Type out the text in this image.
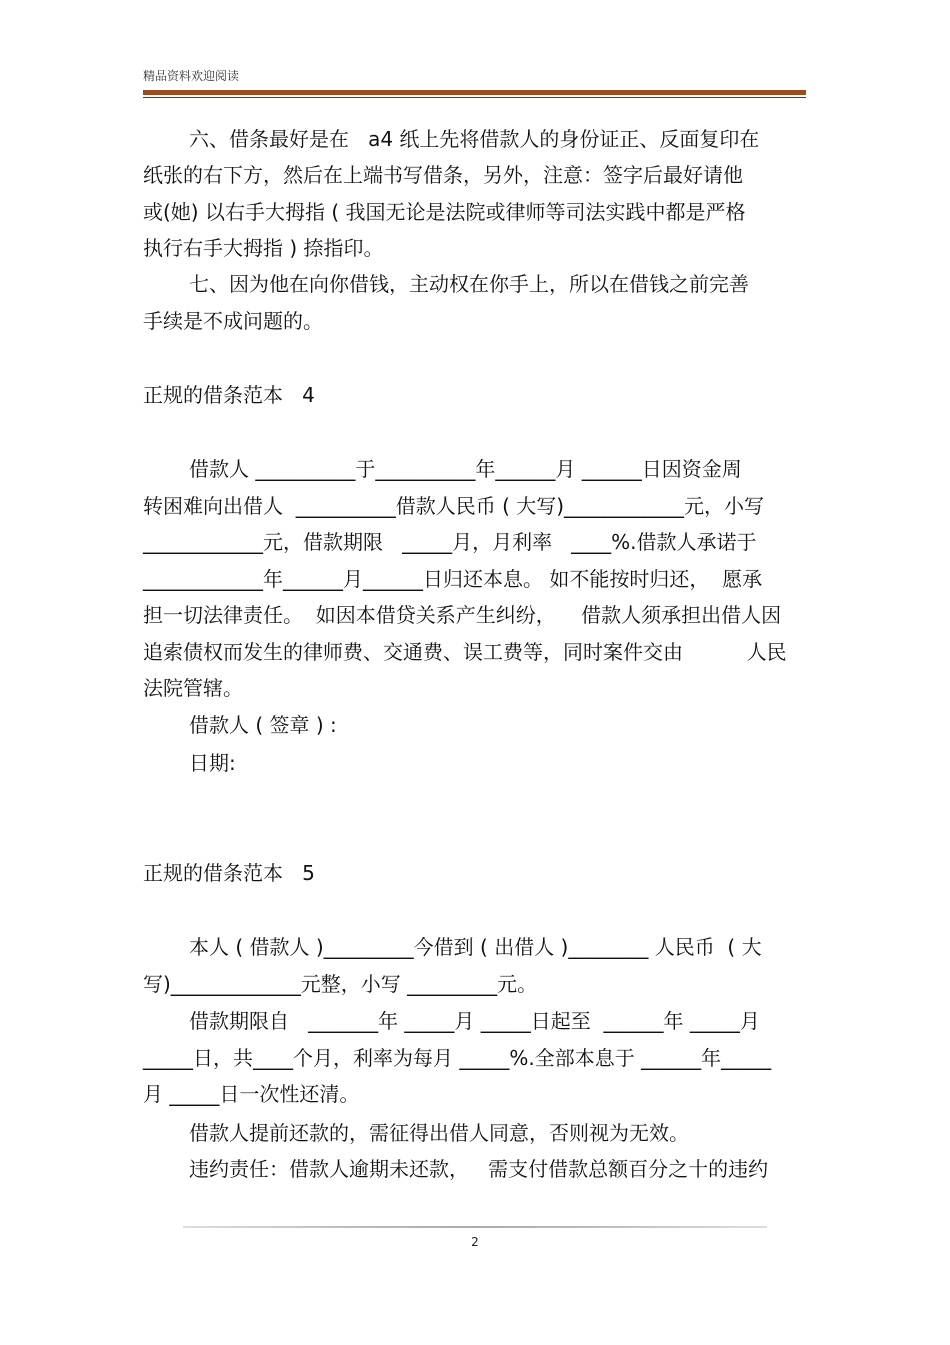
精品资料欢迎阅读
六、借条最好是在   a4 纸上先将借款人的身份证正、反面复印在
纸张的右下方，然后在上端书写借条，另外，注意：签字后最好请他
或(她) 以右手大拇指 ( 我国无论是法院或律师等司法实践中都是严格
执行右手大拇指 ) 捺指印。
七、因为他在向你借钱，主动权在你手上，所以在借钱之前完善
手续是不成问题的。
正规的借条范本   4
借款人 __________于__________年______月 ______日因资金周
转困难向出借人  __________借款人民币 ( 大写)____________元，小写
____________元，借款期限   _____月，月利率   ____%.借款人承诺于
____________年______月______日归还本息。 如不能按时归还，  愿承
担一切法律责任。  如因本借贷关系产生纠纷，    借款人须承担出借人因
追索债权而发生的律师费、交通费、误工费等，同时案件交由          人民
法院管辖。
借款人 ( 签章 ) :
日期:
正规的借条范本   5
本人 ( 借款人 )_________今借到 ( 出借人 )________ 人民币  ( 大
写)_____________元整，小写 _________元。
借款期限自   _______年 _____月 _____日起至  ______年 _____月
_____日，共____个月，利率为每月 _____%.全部本息于 ______年_____
月 _____日一次性还清。
借款人提前还款的，需征得出借人同意，否则视为无效。
违约责任：借款人逾期未还款，   需支付借款总额百分之十的违约
2
